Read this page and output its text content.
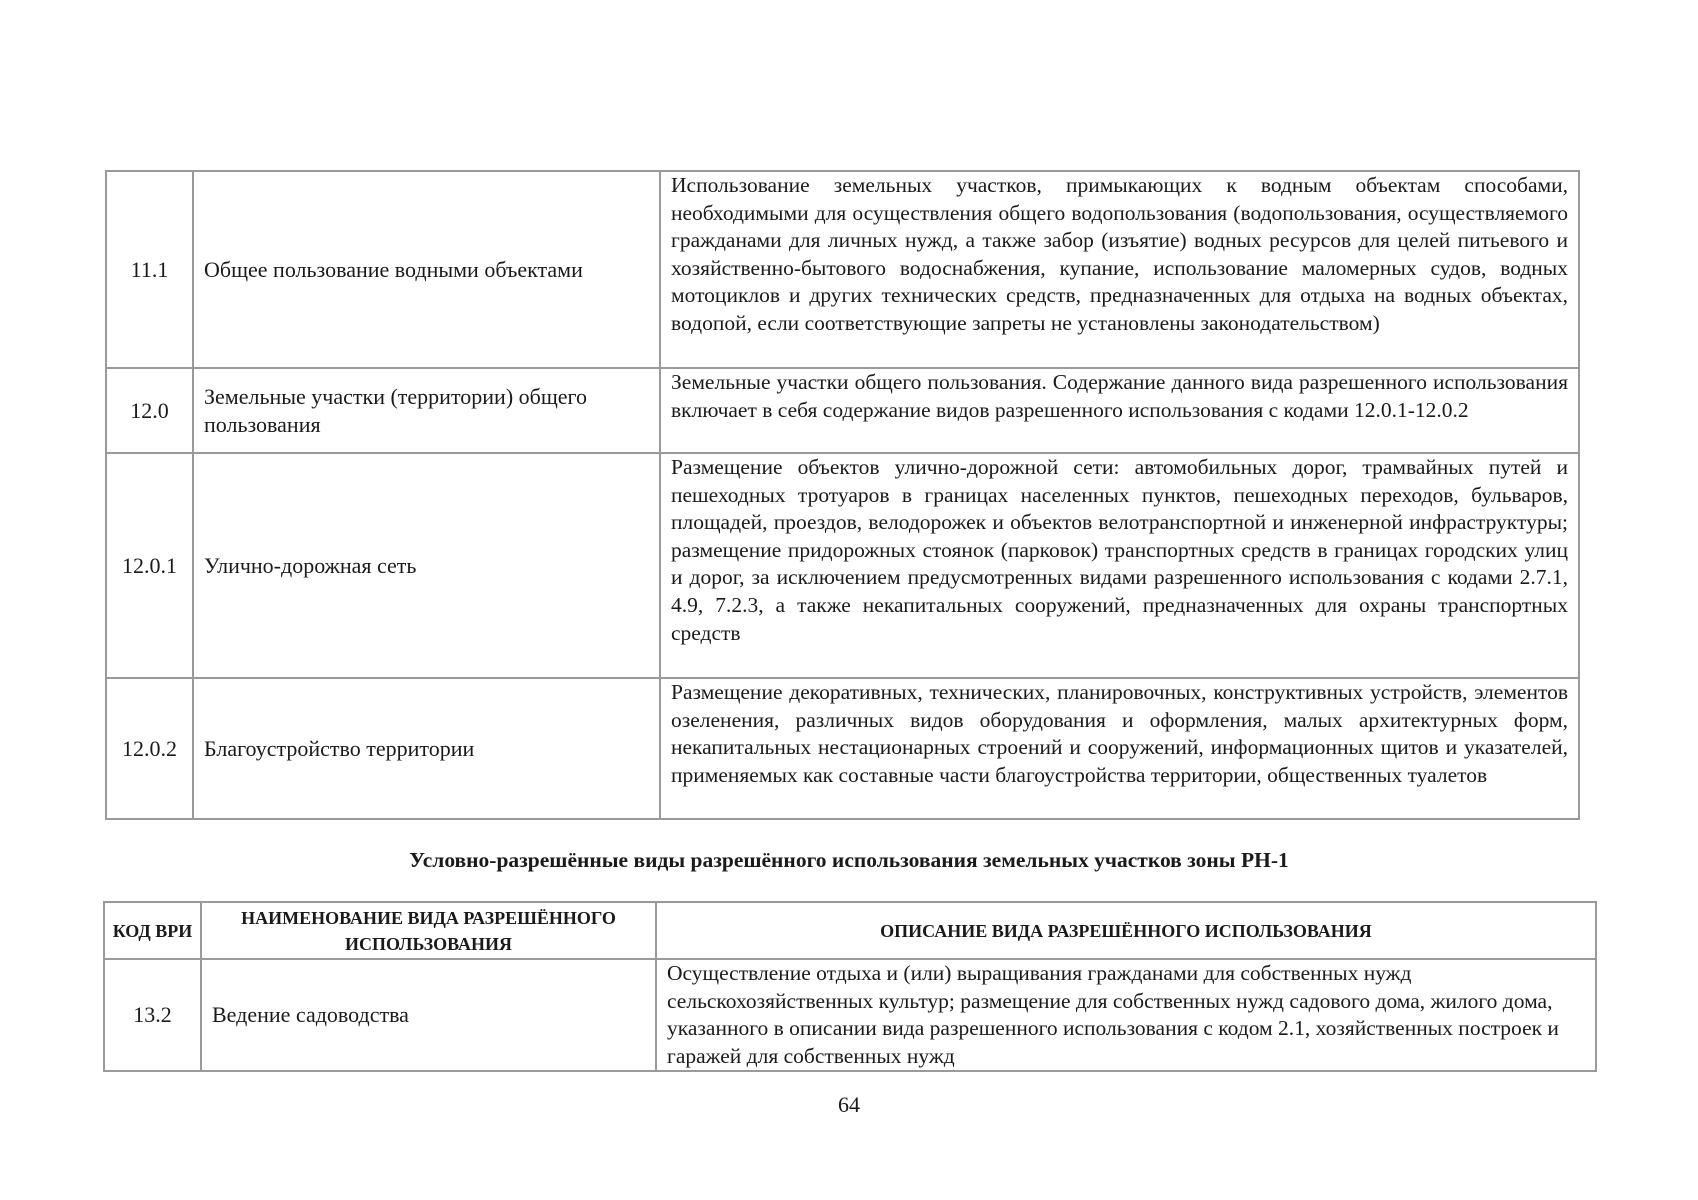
11.1	Общее пользование водными объектами	Использование земельных участков, примыкающих к водным объектам способами, необходимыми для осуществления общего водопользования (водопользования, осуществляемого гражданами для личных нужд, а также забор (изъятие) водных ресурсов для целей питьевого и хозяйственно-бытового водоснабжения, купание, использование маломерных судов, водных мотоциклов и других технических средств, предназначенных для отдыха на водных объектах, водопой, если соответствующие запреты не установлены законодательством)
12.0	Земельные участки (территории) общего пользования	Земельные участки общего пользования. Содержание данного вида разрешенного использования включает в себя содержание видов разрешенного использования с кодами 12.0.1-12.0.2
12.0.1	Улично-дорожная сеть	Размещение объектов улично-дорожной сети: автомобильных дорог, трамвайных путей и пешеходных тротуаров в границах населенных пунктов, пешеходных переходов, бульваров, площадей, проездов, велодорожек и объектов велотранспортной и инженерной инфраструктуры; размещение придорожных стоянок (парковок) транспортных средств в границах городских улиц и дорог, за исключением предусмотренных видами разрешенного использования с кодами 2.7.1, 4.9, 7.2.3, а также некапитальных сооружений, предназначенных для охраны транспортных средств
12.0.2	Благоустройство территории	Размещение декоративных, технических, планировочных, конструктивных устройств, элементов озеленения, различных видов оборудования и оформления, малых архитектурных форм, некапитальных нестационарных строений и сооружений, информационных щитов и указателей, применяемых как составные части благоустройства территории, общественных туалетов
Условно-разрешённые виды разрешённого использования земельных участков зоны РН-1
КОД ВРИ	НАИМЕНОВАНИЕ ВИДА РАЗРЕШЁННОГО ИСПОЛЬЗОВАНИЯ	ОПИСАНИЕ ВИДА РАЗРЕШЁННОГО ИСПОЛЬЗОВАНИЯ
13.2	Ведение садоводства	Осуществление отдыха и (или) выращивания гражданами для собственных нужд сельскохозяйственных культур; размещение для собственных нужд садового дома, жилого дома, указанного в описании вида разрешенного использования с кодом 2.1, хозяйственных построек и гаражей для собственных нужд
64
